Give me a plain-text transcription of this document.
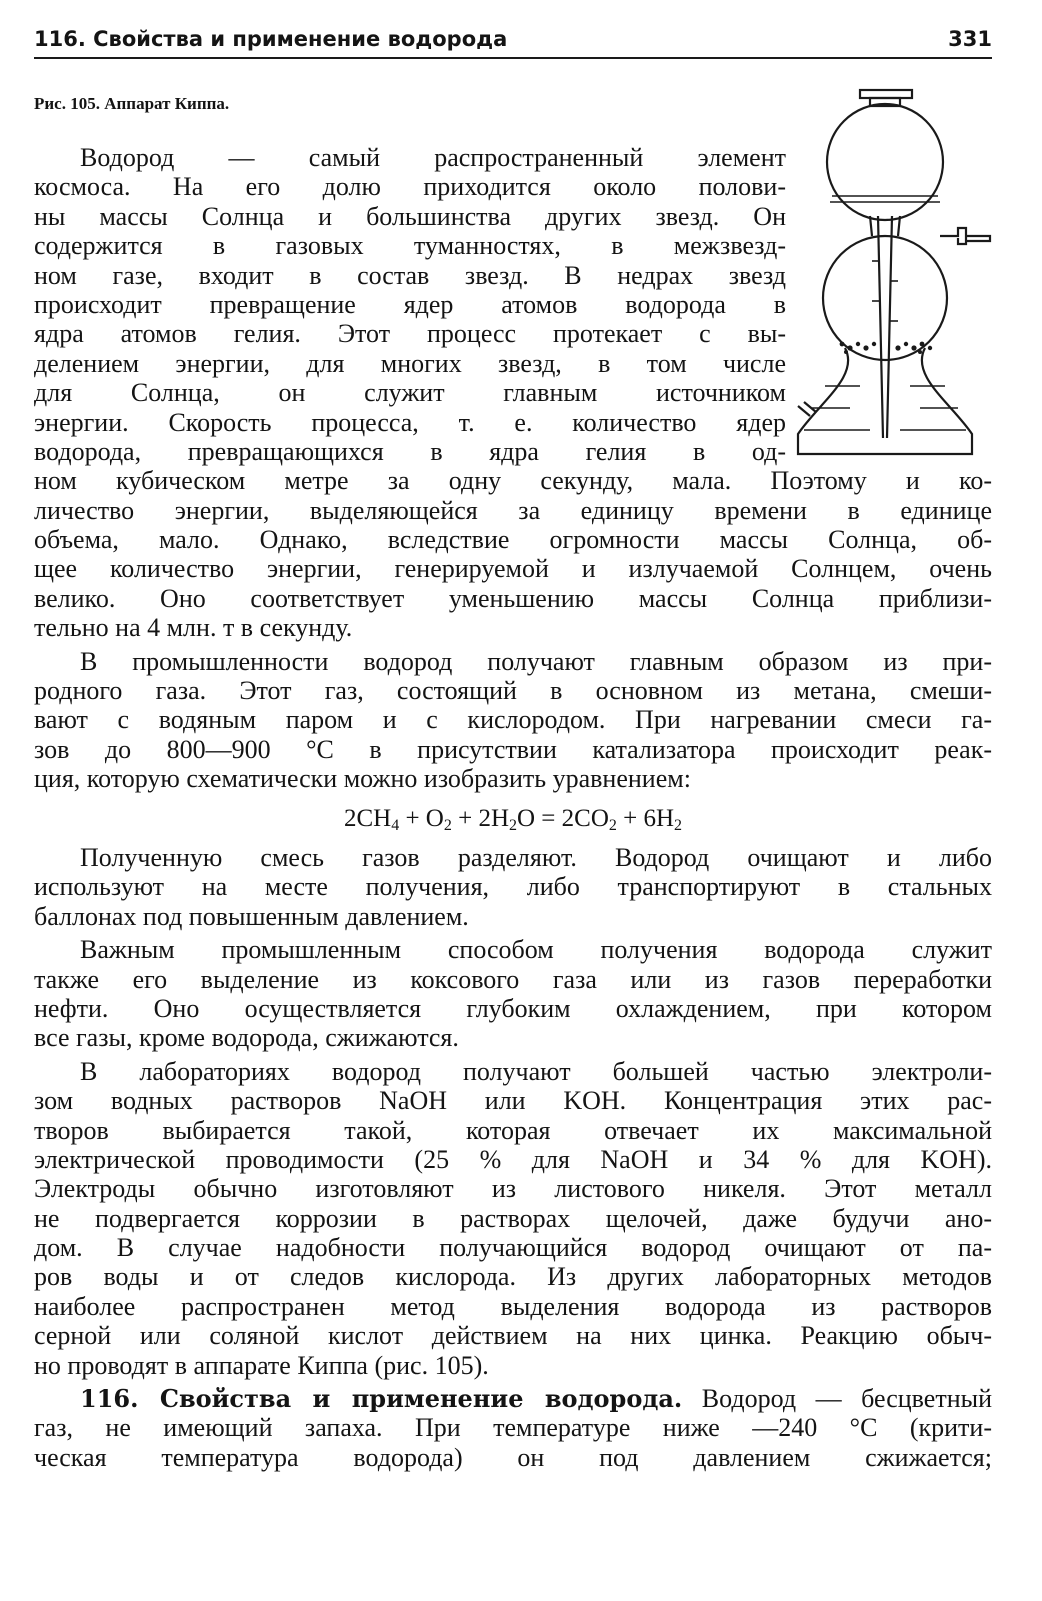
116. Свойства и применение водорода	331
Рис. 105. Аппарат Киппа.
Водород — самый распространенный элемент
космоса. На его долю приходится около полови-
ны массы Солнца и большинства других звезд. Он
содержится в газовых туманностях, в межзвезд-
ном газе, входит в состав звезд. В недрах звезд
происходит превращение ядер атомов водорода в
ядра атомов гелия. Этот процесс протекает с вы-
делением энергии, для многих звезд, в том числе
для Солнца, он служит главным источником
энергии. Скорость процесса, т. е. количество ядер
водорода, превращающихся в ядра гелия в од-
ном кубическом метре за одну секунду, мала. Поэтому и ко-
личество энергии, выделяющейся за единицу времени в единице
объема, мало. Однако, вследствие огромности массы Солнца, об-
щее количество энергии, генерируемой и излучаемой Солнцем, очень
велико. Оно соответствует уменьшению массы Солнца приблизи-
тельно на 4 млн. т в секунду.
В промышленности водород получают главным образом из при-
родного газа. Этот газ, состоящий в основном из метана, смеши-
вают с водяным паром и с кислородом. При нагревании смеси га-
зов до 800—900 °С в присутствии катализатора происходит реак-
ция, которую схематически можно изобразить уравнением:
$2CH_4 + O_2 + 2H_2O = 2CO_2 + 6H_2$
Полученную смесь газов разделяют. Водород очищают и либо
используют на месте получения, либо транспортируют в стальных
баллонах под повышенным давлением.
Важным промышленным способом получения водорода служит
также его выделение из коксового газа или из газов переработки
нефти. Оно осуществляется глубоким охлаждением, при котором
все газы, кроме водорода, сжижаются.
В лабораториях водород получают большей частью электроли-
зом водных растворов NaOH или KOH. Концентрация этих рас-
творов выбирается такой, которая отвечает их максимальной
электрической проводимости (25 % для NaOH и 34 % для KOH).
Электроды обычно изготовляют из листового никеля. Этот металл
не подвергается коррозии в растворах щелочей, даже будучи ано-
дом. В случае надобности получающийся водород очищают от па-
ров воды и от следов кислорода. Из других лабораторных методов
наиболее распространен метод выделения водорода из растворов
серной или соляной кислот действием на них цинка. Реакцию обыч-
но проводят в аппарате Киппа (рис. 105).
116. Свойства и применение водорода. Водород — бесцветный
газ, не имеющий запаха. При температуре ниже —240 °С (крити-
ческая температура водорода) он под давлением сжижается;
